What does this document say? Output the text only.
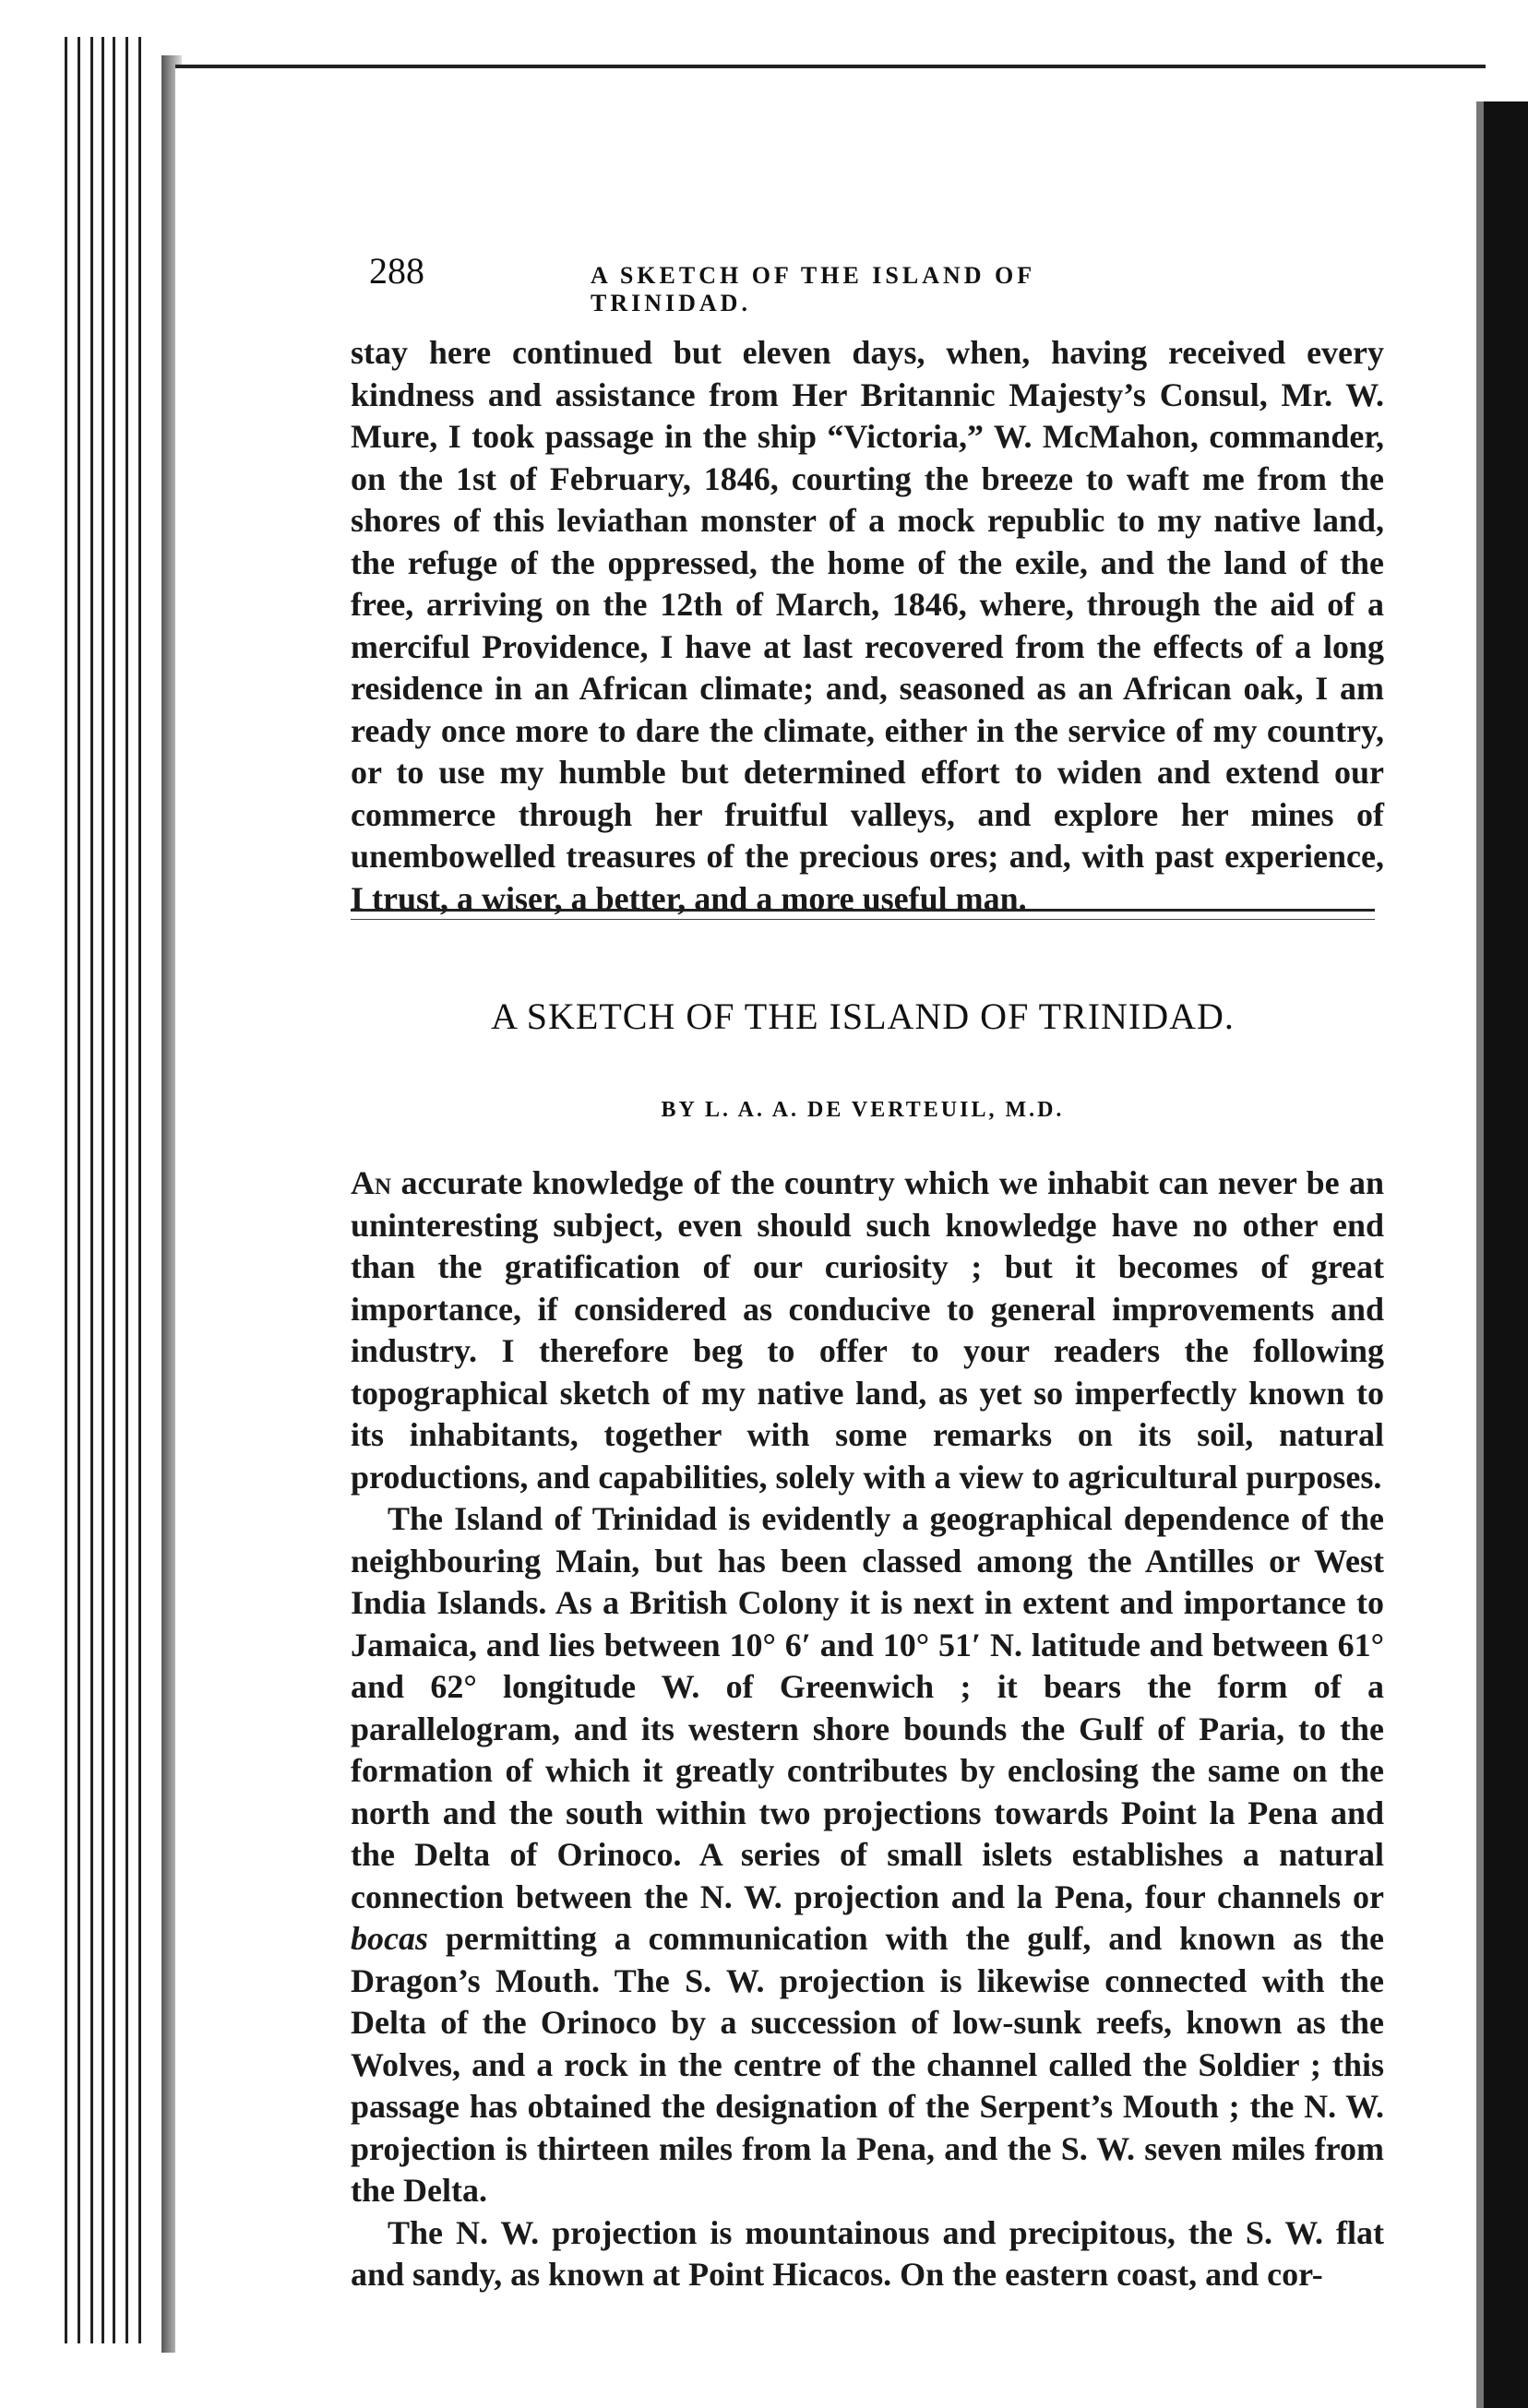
288	A SKETCH OF THE ISLAND OF TRINIDAD.

stay here continued but eleven days, when, having received every kindness and assistance from Her Britannic Majesty’s Consul, Mr. W. Mure, I took passage in the ship “Victoria,” W. McMahon, commander, on the 1st of February, 1846, courting the breeze to waft me from the shores of this leviathan monster of a mock republic to my native land, the refuge of the oppressed, the home of the exile, and the land of the free, arriving on the 12th of March, 1846, where, through the aid of a merciful Providence, I have at last recovered from the effects of a long residence in an African climate; and, seasoned as an African oak, I am ready once more to dare the climate, either in the service of my country, or to use my humble but determined effort to widen and extend our commerce through her fruitful valleys, and explore her mines of unembowelled treasures of the precious ores; and, with past experience, I trust, a wiser, a better, and a more useful man.

A SKETCH OF THE ISLAND OF TRINIDAD.
BY L. A. A. DE VERTEUIL, M.D.

An accurate knowledge of the country which we inhabit can never be an uninteresting subject, even should such knowledge have no other end than the gratification of our curiosity ; but it becomes of great importance, if considered as conducive to general improvements and industry. I therefore beg to offer to your readers the following topographical sketch of my native land, as yet so imperfectly known to its inhabitants, together with some remarks on its soil, natural productions, and capabilities, solely with a view to agricultural purposes.

The Island of Trinidad is evidently a geographical dependence of the neighbouring Main, but has been classed among the Antilles or West India Islands. As a British Colony it is next in extent and importance to Jamaica, and lies between 10° 6′ and 10° 51′ N. latitude and between 61° and 62° longitude W. of Greenwich ; it bears the form of a parallelogram, and its western shore bounds the Gulf of Paria, to the formation of which it greatly contributes by enclosing the same on the north and the south within two projections towards Point la Pena and the Delta of Orinoco. A series of small islets establishes a natural connection between the N. W. projection and la Pena, four channels or bocas permitting a communication with the gulf, and known as the Dragon’s Mouth. The S. W. projection is likewise connected with the Delta of the Orinoco by a succession of low-sunk reefs, known as the Wolves, and a rock in the centre of the channel called the Soldier ; this passage has obtained the designation of the Serpent’s Mouth ; the N. W. projection is thirteen miles from la Pena, and the S. W. seven miles from the Delta.

The N. W. projection is mountainous and precipitous, the S. W. flat and sandy, as known at Point Hicacos. On the eastern coast, and cor-
